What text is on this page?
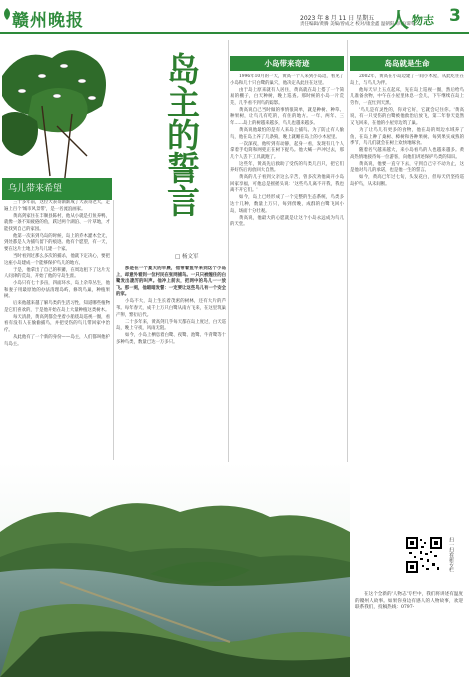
赣州晚报	2023 年 8 月 11 日 星期五
责任编辑/黄腾 美编/曾成之 校对/康金鑫 温朝阳 审稿/谭零
人 物志 3
岛主的誓言
□ 杨文军
乌儿带来希望

三十多年前，这位大表哥渐渐成了大表哥老大，走遍上百个'城市风景带'，是一名流浪画家。

黄高剑家住在丰顺县陈村，他从小就是打鱼养鸭，就像一条不知疲倦的鱼，跃过两个湖泊、一片草地，才能找到自己的家园。

他第一次来到乌岛的时候，岛上的乔木灌木全无，到处都是人为捕鸟留下的痕迹。他有个愿望，有一天，要在这片土地上为鸟儿建一个家。

当时看到过那么多次的捕杀，他就下定决心，要把这座小岛建成一个能够保护鸟儿的地方。

于是，他拿出了自己的积蓄，在周边租下了这片无人问津的荒岛，开始了他的守岛生涯。

小岛只有七十多亩，四面环水，岛上杂草丛生，他和妻子用最原始的办法清理岛屿，修筑鸟巢，种植果树。

后来他越来越了解鸟类的生活习性，知道哪些植物是它们喜欢的，于是他开始在岛上大量种植这类树木。

每天清晨，黄高剑都会坐着小船绕岛巡视一圈，看看有没有人在偷偷捕鸟，并把受伤的鸟儿带回家中治疗。

从此他有了一个新的身份——岛主，人们都叫他护鸟岛主。

那是在一个夏天的早晨，他带着鱼竿来到这个小岛上，却意外看到一位村民在张网捕鸟。一只只被缠住的白鹭发出凄厉的叫声。他冲上前去，把网中的鸟儿一一放飞。那一刻，他暗暗发誓：一定要让这些鸟儿有一个安全的家。

小岛不大，岛上生长着茂密的树林，还有大片的芦苇。每年春天，成千上万只白鹭从南方飞来，在这里筑巢产卵，繁衍后代。

二十多年来，黄高剑几乎每天都在岛上度过，白天巡岛，晚上守夜，风雨无阻。

如今，小岛上栖息着白鹭、夜鹭、池鹭、牛背鹭等十多种鸟类，数量已达一万多只。

小岛带来奇迹

1996年10月的一天，黄高一个人来到小岛边，看见了小岛和几十只白鹭的巢穴，他决定从此住在这里。

由于岛上原来就有人居住，黄高就在岛上搭了一个简易的棚子，白天种树，晚上巡查。那时候的小岛一片荒芜，几乎看不到鸟的踪影。

黄高说自己当时做的事情很简单，就是种树、种草、种果树，让鸟儿有吃的，有住的地方。一年、两年、三年……岛上的树越来越多，鸟儿也越来越多。

黄高说他最怕的是有人来岛上捕鸟。为了防止有人偷鸟，他在岛上养了几条狗，晚上就睡在岛上的小木屋里。

一次深夜，他听到有动静，起身一看，发现有几个人拿着手电筒和网兜正在树下捉鸟。他大喊一声冲过去，那几个人丢下工具就跑了。

这些年，黄高先后救助了受伤的鸟类几百只，把它们养好伤后再放回大自然。

黄高的儿子看到父亲这么辛苦，曾多次劝他离开小岛回家享福，可他总是摇摇头说：'这些鸟儿离不开我，我也离不开它们。'

如今，岛上已经形成了一个完整的生态系统，鸟类多达十几种，数量上万只，每到傍晚，成群的白鹭飞回小岛，场面十分壮观。

黄高说，他最大的心愿就是让这个小岛永远成为鸟儿的天堂。

岛岛就是生命

2002年，黄高在小岛边建了一间小木屋，从此吃住在岛上，与鸟儿为伴。

他每天早上五点起床，先在岛上巡视一圈，然后给鸟儿准备食物，中午在小屋里休息一会儿，下午继续在岛上劳作，一直忙到天黑。

'鸟儿是有灵性的，你对它好，它就会记住你。'黄高说，有一只受伤的白鹭被他救治后放飞，第二年春天竟然又飞回来，在他的小屋旁边筑了巢。

为了让鸟儿有更多的食物，他在岛的周边水域养了鱼，在岛上种了桑树、樟树和各种果树。每到果实成熟的季节，鸟儿们就会在树上欢快地啄食。

随着名气越来越大，来小岛看鸟的人也越来越多。黄高热情地接待每一位游客，向他们讲述保护鸟类的知识。

黄高说，他要一直守下去，守到自己守不动为止，这是他对鸟儿的承诺，也是他一生的誓言。

如今，黄高已年过七旬，头发花白，但每天仍坚持巡岛护鸟，从未间断。

扫一扫看新专栏

在这个全新的'人物志'专栏中，我们将讲述有温度的赣州人故事。如果你身边有感人的人物故事，欢迎联系我们，投稿热线：0797-
